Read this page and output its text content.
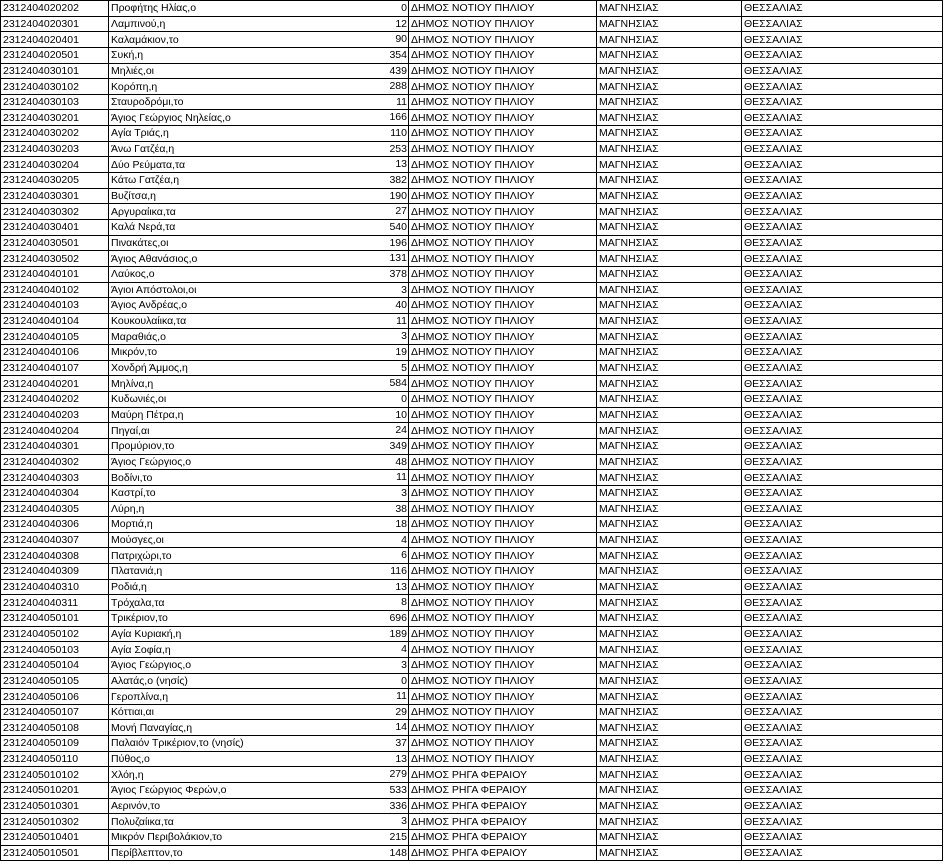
2312404020202	Προφήτης Ηλίας,ο 0	ΔΗΜΟΣ ΝΟΤΙΟΥ ΠΗΛΙΟΥ	ΜΑΓΝΗΣΙΑΣ	ΘΕΣΣΑΛΙΑΣ
2312404020301	Λαμπινού,η 12	ΔΗΜΟΣ ΝΟΤΙΟΥ ΠΗΛΙΟΥ	ΜΑΓΝΗΣΙΑΣ	ΘΕΣΣΑΛΙΑΣ
2312404020401	Καλαμάκιον,το 90	ΔΗΜΟΣ ΝΟΤΙΟΥ ΠΗΛΙΟΥ	ΜΑΓΝΗΣΙΑΣ	ΘΕΣΣΑΛΙΑΣ
2312404020501	Συκή,η 354	ΔΗΜΟΣ ΝΟΤΙΟΥ ΠΗΛΙΟΥ	ΜΑΓΝΗΣΙΑΣ	ΘΕΣΣΑΛΙΑΣ
2312404030101	Μηλιές,οι 439	ΔΗΜΟΣ ΝΟΤΙΟΥ ΠΗΛΙΟΥ	ΜΑΓΝΗΣΙΑΣ	ΘΕΣΣΑΛΙΑΣ
2312404030102	Κορόπη,η 288	ΔΗΜΟΣ ΝΟΤΙΟΥ ΠΗΛΙΟΥ	ΜΑΓΝΗΣΙΑΣ	ΘΕΣΣΑΛΙΑΣ
2312404030103	Σταυροδρόμι,το 11	ΔΗΜΟΣ ΝΟΤΙΟΥ ΠΗΛΙΟΥ	ΜΑΓΝΗΣΙΑΣ	ΘΕΣΣΑΛΙΑΣ
2312404030201	Άγιος Γεώργιος Νηλείας,ο 166	ΔΗΜΟΣ ΝΟΤΙΟΥ ΠΗΛΙΟΥ	ΜΑΓΝΗΣΙΑΣ	ΘΕΣΣΑΛΙΑΣ
2312404030202	Αγία Τριάς,η 110	ΔΗΜΟΣ ΝΟΤΙΟΥ ΠΗΛΙΟΥ	ΜΑΓΝΗΣΙΑΣ	ΘΕΣΣΑΛΙΑΣ
2312404030203	Άνω Γατζέα,η 253	ΔΗΜΟΣ ΝΟΤΙΟΥ ΠΗΛΙΟΥ	ΜΑΓΝΗΣΙΑΣ	ΘΕΣΣΑΛΙΑΣ
2312404030204	Δύο Ρεύματα,τα 13	ΔΗΜΟΣ ΝΟΤΙΟΥ ΠΗΛΙΟΥ	ΜΑΓΝΗΣΙΑΣ	ΘΕΣΣΑΛΙΑΣ
2312404030205	Κάτω Γατζέα,η 382	ΔΗΜΟΣ ΝΟΤΙΟΥ ΠΗΛΙΟΥ	ΜΑΓΝΗΣΙΑΣ	ΘΕΣΣΑΛΙΑΣ
2312404030301	Βυζίτσα,η 190	ΔΗΜΟΣ ΝΟΤΙΟΥ ΠΗΛΙΟΥ	ΜΑΓΝΗΣΙΑΣ	ΘΕΣΣΑΛΙΑΣ
2312404030302	Αργυραίικα,τα 27	ΔΗΜΟΣ ΝΟΤΙΟΥ ΠΗΛΙΟΥ	ΜΑΓΝΗΣΙΑΣ	ΘΕΣΣΑΛΙΑΣ
2312404030401	Καλά Νερά,τα 540	ΔΗΜΟΣ ΝΟΤΙΟΥ ΠΗΛΙΟΥ	ΜΑΓΝΗΣΙΑΣ	ΘΕΣΣΑΛΙΑΣ
2312404030501	Πινακάτες,οι 196	ΔΗΜΟΣ ΝΟΤΙΟΥ ΠΗΛΙΟΥ	ΜΑΓΝΗΣΙΑΣ	ΘΕΣΣΑΛΙΑΣ
2312404030502	Άγιος Αθανάσιος,ο 131	ΔΗΜΟΣ ΝΟΤΙΟΥ ΠΗΛΙΟΥ	ΜΑΓΝΗΣΙΑΣ	ΘΕΣΣΑΛΙΑΣ
2312404040101	Λαύκος,ο 378	ΔΗΜΟΣ ΝΟΤΙΟΥ ΠΗΛΙΟΥ	ΜΑΓΝΗΣΙΑΣ	ΘΕΣΣΑΛΙΑΣ
2312404040102	Άγιοι Απόστολοι,οι 3	ΔΗΜΟΣ ΝΟΤΙΟΥ ΠΗΛΙΟΥ	ΜΑΓΝΗΣΙΑΣ	ΘΕΣΣΑΛΙΑΣ
2312404040103	Άγιος Ανδρέας,ο 40	ΔΗΜΟΣ ΝΟΤΙΟΥ ΠΗΛΙΟΥ	ΜΑΓΝΗΣΙΑΣ	ΘΕΣΣΑΛΙΑΣ
2312404040104	Κουκουλαίικα,τα 11	ΔΗΜΟΣ ΝΟΤΙΟΥ ΠΗΛΙΟΥ	ΜΑΓΝΗΣΙΑΣ	ΘΕΣΣΑΛΙΑΣ
2312404040105	Μαραθιάς,ο 3	ΔΗΜΟΣ ΝΟΤΙΟΥ ΠΗΛΙΟΥ	ΜΑΓΝΗΣΙΑΣ	ΘΕΣΣΑΛΙΑΣ
2312404040106	Μικρόν,το 19	ΔΗΜΟΣ ΝΟΤΙΟΥ ΠΗΛΙΟΥ	ΜΑΓΝΗΣΙΑΣ	ΘΕΣΣΑΛΙΑΣ
2312404040107	Χονδρή Άμμος,η 5	ΔΗΜΟΣ ΝΟΤΙΟΥ ΠΗΛΙΟΥ	ΜΑΓΝΗΣΙΑΣ	ΘΕΣΣΑΛΙΑΣ
2312404040201	Μηλίνα,η 584	ΔΗΜΟΣ ΝΟΤΙΟΥ ΠΗΛΙΟΥ	ΜΑΓΝΗΣΙΑΣ	ΘΕΣΣΑΛΙΑΣ
2312404040202	Κυδωνιές,οι 0	ΔΗΜΟΣ ΝΟΤΙΟΥ ΠΗΛΙΟΥ	ΜΑΓΝΗΣΙΑΣ	ΘΕΣΣΑΛΙΑΣ
2312404040203	Μαύρη Πέτρα,η 10	ΔΗΜΟΣ ΝΟΤΙΟΥ ΠΗΛΙΟΥ	ΜΑΓΝΗΣΙΑΣ	ΘΕΣΣΑΛΙΑΣ
2312404040204	Πηγαί,αι 24	ΔΗΜΟΣ ΝΟΤΙΟΥ ΠΗΛΙΟΥ	ΜΑΓΝΗΣΙΑΣ	ΘΕΣΣΑΛΙΑΣ
2312404040301	Προμύριον,το 349	ΔΗΜΟΣ ΝΟΤΙΟΥ ΠΗΛΙΟΥ	ΜΑΓΝΗΣΙΑΣ	ΘΕΣΣΑΛΙΑΣ
2312404040302	Άγιος Γεώργιος,ο 48	ΔΗΜΟΣ ΝΟΤΙΟΥ ΠΗΛΙΟΥ	ΜΑΓΝΗΣΙΑΣ	ΘΕΣΣΑΛΙΑΣ
2312404040303	Βοδίνι,το 11	ΔΗΜΟΣ ΝΟΤΙΟΥ ΠΗΛΙΟΥ	ΜΑΓΝΗΣΙΑΣ	ΘΕΣΣΑΛΙΑΣ
2312404040304	Καστρί,το 3	ΔΗΜΟΣ ΝΟΤΙΟΥ ΠΗΛΙΟΥ	ΜΑΓΝΗΣΙΑΣ	ΘΕΣΣΑΛΙΑΣ
2312404040305	Λύρη,η 38	ΔΗΜΟΣ ΝΟΤΙΟΥ ΠΗΛΙΟΥ	ΜΑΓΝΗΣΙΑΣ	ΘΕΣΣΑΛΙΑΣ
2312404040306	Μορτιά,η 18	ΔΗΜΟΣ ΝΟΤΙΟΥ ΠΗΛΙΟΥ	ΜΑΓΝΗΣΙΑΣ	ΘΕΣΣΑΛΙΑΣ
2312404040307	Μούσγες,οι 4	ΔΗΜΟΣ ΝΟΤΙΟΥ ΠΗΛΙΟΥ	ΜΑΓΝΗΣΙΑΣ	ΘΕΣΣΑΛΙΑΣ
2312404040308	Πατριχώρι,το 6	ΔΗΜΟΣ ΝΟΤΙΟΥ ΠΗΛΙΟΥ	ΜΑΓΝΗΣΙΑΣ	ΘΕΣΣΑΛΙΑΣ
2312404040309	Πλατανιά,η 116	ΔΗΜΟΣ ΝΟΤΙΟΥ ΠΗΛΙΟΥ	ΜΑΓΝΗΣΙΑΣ	ΘΕΣΣΑΛΙΑΣ
2312404040310	Ροδιά,η 13	ΔΗΜΟΣ ΝΟΤΙΟΥ ΠΗΛΙΟΥ	ΜΑΓΝΗΣΙΑΣ	ΘΕΣΣΑΛΙΑΣ
2312404040311	Τρόχαλα,τα 8	ΔΗΜΟΣ ΝΟΤΙΟΥ ΠΗΛΙΟΥ	ΜΑΓΝΗΣΙΑΣ	ΘΕΣΣΑΛΙΑΣ
2312404050101	Τρικέριον,το 696	ΔΗΜΟΣ ΝΟΤΙΟΥ ΠΗΛΙΟΥ	ΜΑΓΝΗΣΙΑΣ	ΘΕΣΣΑΛΙΑΣ
2312404050102	Αγία Κυριακή,η 189	ΔΗΜΟΣ ΝΟΤΙΟΥ ΠΗΛΙΟΥ	ΜΑΓΝΗΣΙΑΣ	ΘΕΣΣΑΛΙΑΣ
2312404050103	Αγία Σοφία,η 4	ΔΗΜΟΣ ΝΟΤΙΟΥ ΠΗΛΙΟΥ	ΜΑΓΝΗΣΙΑΣ	ΘΕΣΣΑΛΙΑΣ
2312404050104	Άγιος Γεώργιος,ο 3	ΔΗΜΟΣ ΝΟΤΙΟΥ ΠΗΛΙΟΥ	ΜΑΓΝΗΣΙΑΣ	ΘΕΣΣΑΛΙΑΣ
2312404050105	Αλατάς,ο (νησίς) 0	ΔΗΜΟΣ ΝΟΤΙΟΥ ΠΗΛΙΟΥ	ΜΑΓΝΗΣΙΑΣ	ΘΕΣΣΑΛΙΑΣ
2312404050106	Γεροπλίνα,η 11	ΔΗΜΟΣ ΝΟΤΙΟΥ ΠΗΛΙΟΥ	ΜΑΓΝΗΣΙΑΣ	ΘΕΣΣΑΛΙΑΣ
2312404050107	Κόττιαι,αι 29	ΔΗΜΟΣ ΝΟΤΙΟΥ ΠΗΛΙΟΥ	ΜΑΓΝΗΣΙΑΣ	ΘΕΣΣΑΛΙΑΣ
2312404050108	Μονή Παναγίας,η 14	ΔΗΜΟΣ ΝΟΤΙΟΥ ΠΗΛΙΟΥ	ΜΑΓΝΗΣΙΑΣ	ΘΕΣΣΑΛΙΑΣ
2312404050109	Παλαιόν Τρικέριον,το (νησίς) 37	ΔΗΜΟΣ ΝΟΤΙΟΥ ΠΗΛΙΟΥ	ΜΑΓΝΗΣΙΑΣ	ΘΕΣΣΑΛΙΑΣ
2312404050110	Πύθος,ο 13	ΔΗΜΟΣ ΝΟΤΙΟΥ ΠΗΛΙΟΥ	ΜΑΓΝΗΣΙΑΣ	ΘΕΣΣΑΛΙΑΣ
2312405010102	Χλόη,η 279	ΔΗΜΟΣ ΡΗΓΑ ΦΕΡΑΙΟΥ	ΜΑΓΝΗΣΙΑΣ	ΘΕΣΣΑΛΙΑΣ
2312405010201	Άγιος Γεώργιος Φερών,ο 533	ΔΗΜΟΣ ΡΗΓΑ ΦΕΡΑΙΟΥ	ΜΑΓΝΗΣΙΑΣ	ΘΕΣΣΑΛΙΑΣ
2312405010301	Αερινόν,το 336	ΔΗΜΟΣ ΡΗΓΑ ΦΕΡΑΙΟΥ	ΜΑΓΝΗΣΙΑΣ	ΘΕΣΣΑΛΙΑΣ
2312405010302	Πολυζαίικα,τα 3	ΔΗΜΟΣ ΡΗΓΑ ΦΕΡΑΙΟΥ	ΜΑΓΝΗΣΙΑΣ	ΘΕΣΣΑΛΙΑΣ
2312405010401	Μικρόν Περιβολάκιον,το 215	ΔΗΜΟΣ ΡΗΓΑ ΦΕΡΑΙΟΥ	ΜΑΓΝΗΣΙΑΣ	ΘΕΣΣΑΛΙΑΣ
2312405010501	Περίβλεπτον,το 148	ΔΗΜΟΣ ΡΗΓΑ ΦΕΡΑΙΟΥ	ΜΑΓΝΗΣΙΑΣ	ΘΕΣΣΑΛΙΑΣ
